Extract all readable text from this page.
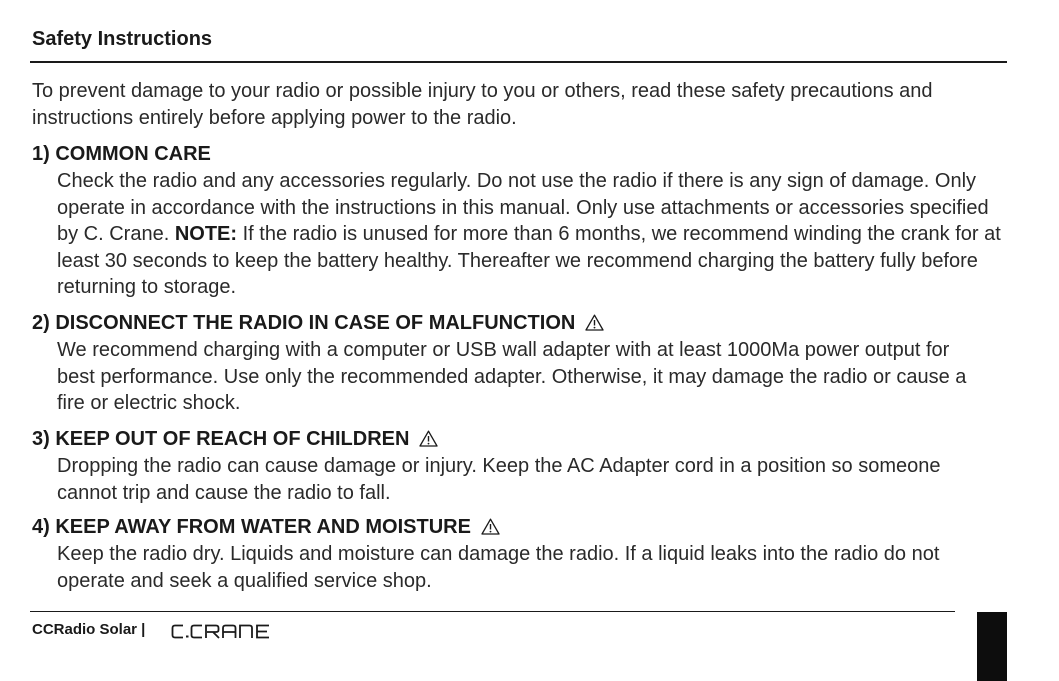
Safety Instructions

To prevent damage to your radio or possible injury to you or others, read these safety precautions and instructions entirely before applying power to the radio.

1) COMMON CARE

Check the radio and any accessories regularly. Do not use the radio if there is any sign of damage. Only operate in accordance with the instructions in this manual. Only use attachments or accessories specified by C. Crane. NOTE: If the radio is unused for more than 6 months, we recommend winding the crank for at least 30 seconds to keep the battery healthy. Thereafter we recommend charging the battery fully before returning to storage.

2) DISCONNECT THE RADIO IN CASE OF MALFUNCTION

We recommend charging with a computer or USB wall adapter with at least 1000Ma power output for best performance. Use only the recommended adapter. Otherwise, it may damage the radio or cause a fire or electric shock.

3) KEEP OUT OF REACH OF CHILDREN

Dropping the radio can cause damage or injury. Keep the AC Adapter cord in a position so someone cannot trip and cause the radio to fall.

4) KEEP AWAY FROM WATER AND MOISTURE

Keep the radio dry. Liquids and moisture can damage the radio. If a liquid leaks into the radio do not operate and seek a qualified service shop.

CCRadio Solar |	C.CRANE
